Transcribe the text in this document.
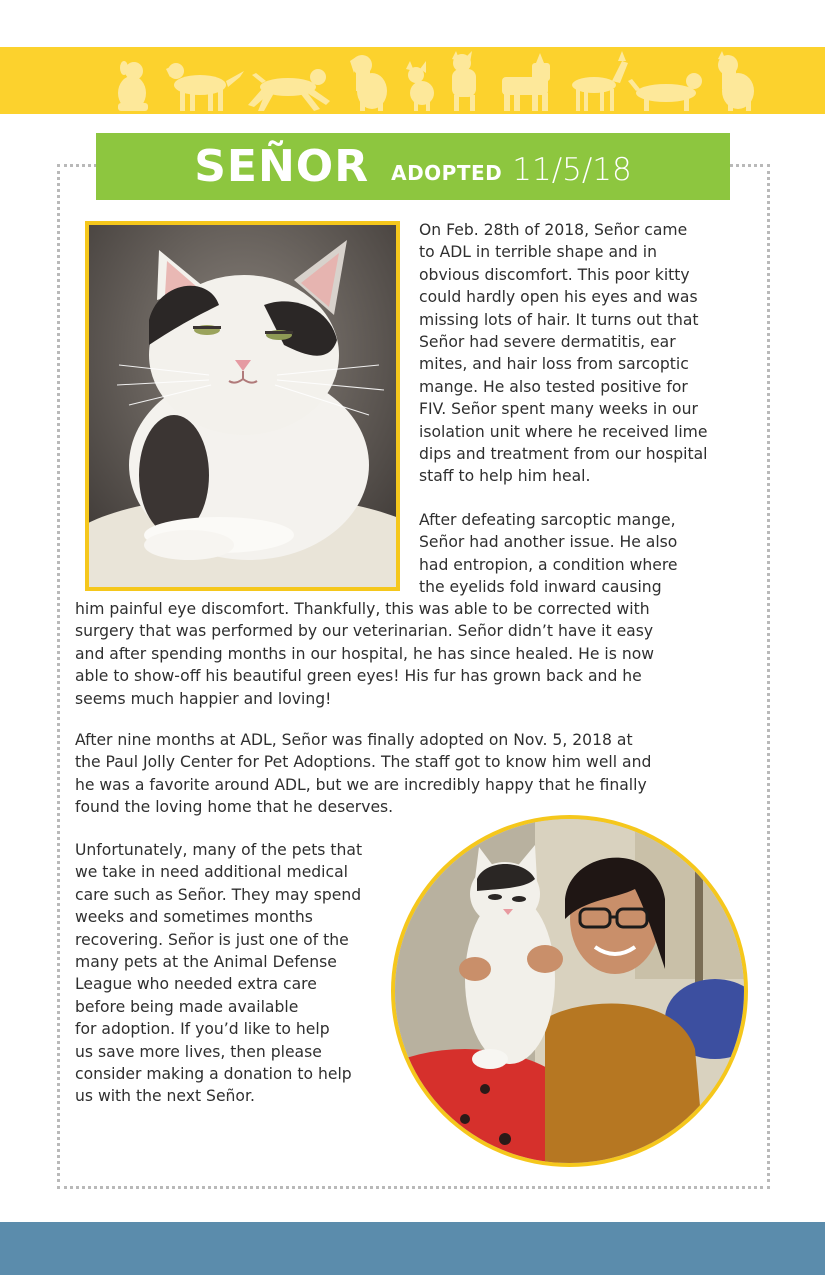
SEÑOR ADOPTED 11/5/18
On Feb. 28th of 2018, Señor came
to ADL in terrible shape and in
obvious discomfort. This poor kitty
could hardly open his eyes and was
missing lots of hair. It turns out that
Señor had severe dermatitis, ear
mites, and hair loss from sarcoptic
mange. He also tested positive for
FIV. Señor spent many weeks in our
isolation unit where he received lime
dips and treatment from our hospital
staff to help him heal.
After defeating sarcoptic mange,
Señor had another issue. He also
had entropion, a condition where
the eyelids fold inward causing
him painful eye discomfort. Thankfully, this was able to be corrected with
surgery that was performed by our veterinarian. Señor didn’t have it easy
and after spending months in our hospital, he has since healed. He is now
able to show-off his beautiful green eyes! His fur has grown back and he
seems much happier and loving!
After nine months at ADL, Señor was finally adopted on Nov. 5, 2018 at
the Paul Jolly Center for Pet Adoptions. The staff got to know him well and
he was a favorite around ADL, but we are incredibly happy that he finally
found the loving home that he deserves.
Unfortunately, many of the pets that
we take in need additional medical
care such as Señor. They may spend
weeks and sometimes months
recovering. Señor is just one of the
many pets at the Animal Defense
League who needed extra care
before being made available
for adoption. If you’d like to help
us save more lives, then please
consider making a donation to help
us with the next Señor.
